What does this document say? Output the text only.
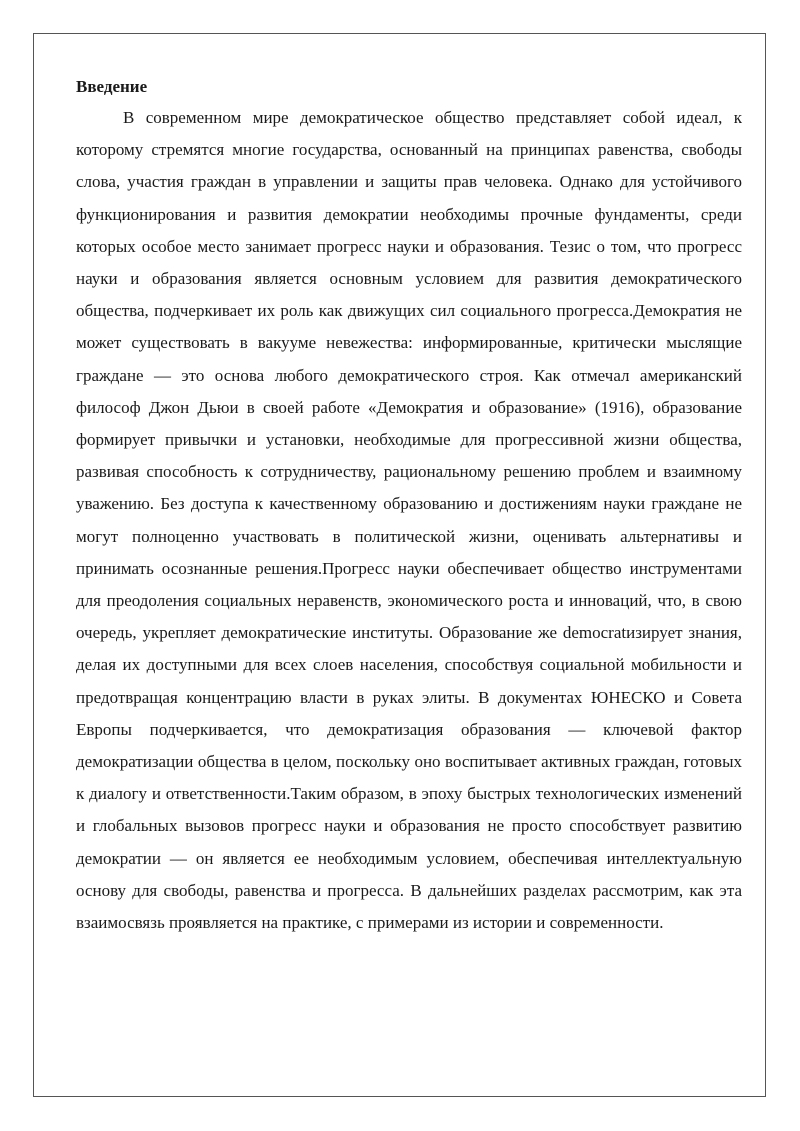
Введение

В современном мире демократическое общество представляет собой идеал, к которому стремятся многие государства, основанный на принципах равенства, свободы слова, участия граждан в управлении и защиты прав человека. Однако для устойчивого функционирования и развития демократии необходимы прочные фундаменты, среди которых особое место занимает прогресс науки и образования. Тезис о том, что прогресс науки и образования является основным условием для развития демократического общества, подчеркивает их роль как движущих сил социального прогресса.Демократия не может существовать в вакууме невежества: информированные, критически мыслящие граждане — это основа любого демократического строя. Как отмечал американский философ Джон Дьюи в своей работе «Демократия и образование» (1916), образование формирует привычки и установки, необходимые для прогрессивной жизни общества, развивая способность к сотрудничеству, рациональному решению проблем и взаимному уважению. Без доступа к качественному образованию и достижениям науки граждане не могут полноценно участвовать в политической жизни, оценивать альтернативы и принимать осознанные решения.Прогресс науки обеспечивает общество инструментами для преодоления социальных неравенств, экономического роста и инноваций, что, в свою очередь, укрепляет демократические институты. Образование же democratизирует знания, делая их доступными для всех слоев населения, способствуя социальной мобильности и предотвращая концентрацию власти в руках элиты. В документах ЮНЕСКО и Совета Европы подчеркивается, что демократизация образования — ключевой фактор демократизации общества в целом, поскольку оно воспитывает активных граждан, готовых к диалогу и ответственности.Таким образом, в эпоху быстрых технологических изменений и глобальных вызовов прогресс науки и образования не просто способствует развитию демократии — он является ее необходимым условием, обеспечивая интеллектуальную основу для свободы, равенства и прогресса. В дальнейших разделах рассмотрим, как эта взаимосвязь проявляется на практике, с примерами из истории и современности.
